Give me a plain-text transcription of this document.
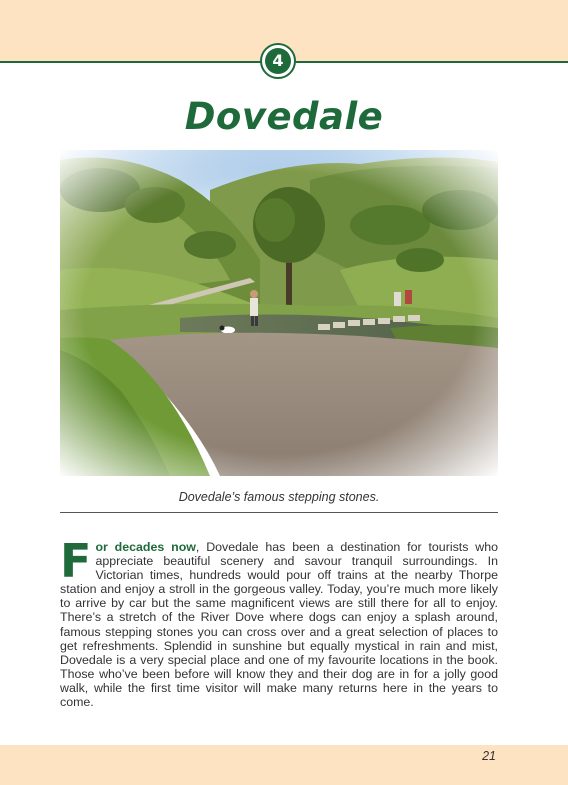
4
Dovedale
Dovedale’s famous stepping stones.
For decades now, Dovedale has been a destination for tourists who appreciate beautiful scenery and savour tranquil surroundings. In Victorian times, hundreds would pour off trains at the nearby Thorpe station and enjoy a stroll in the gorgeous valley. Today, you’re much more likely to arrive by car but the same magnificent views are still there for all to enjoy. There’s a stretch of the River Dove where dogs can enjoy a splash around, famous stepping stones you can cross over and a great selection of places to get refreshments. Splendid in sunshine but equally mystical in rain and mist, Dovedale is a very special place and one of my favourite locations in the book. Those who’ve been before will know they and their dog are in for a jolly good walk, while the first time visitor will make many returns here in the years to come.
21
